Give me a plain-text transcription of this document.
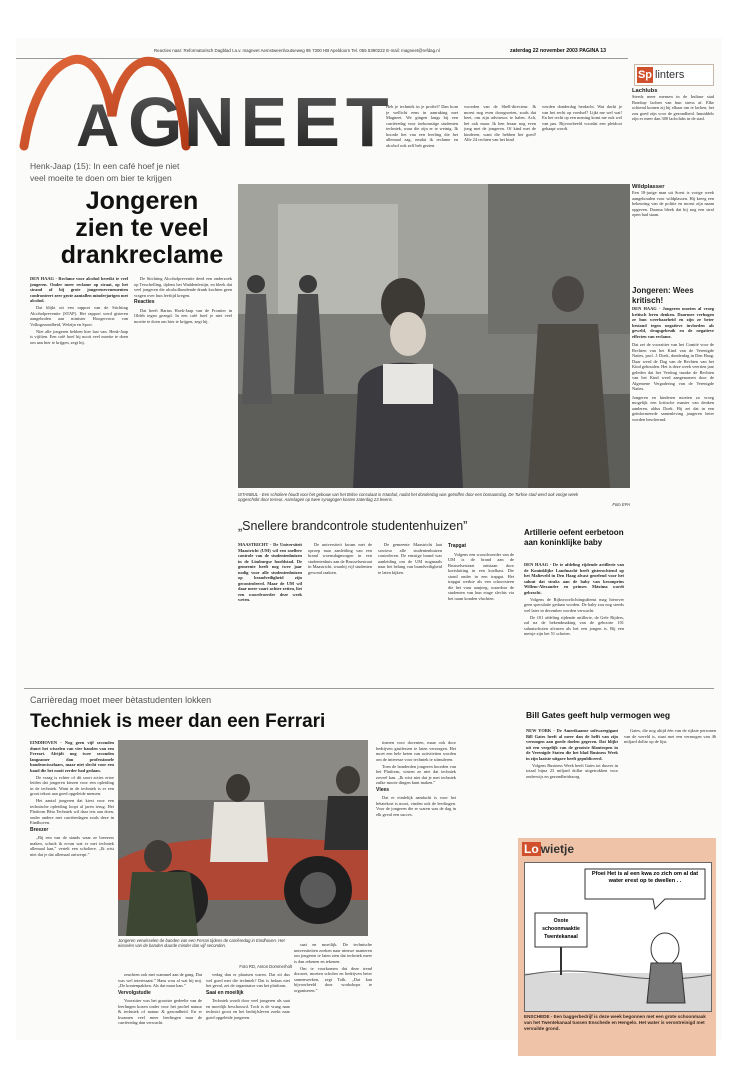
Reacties naar: Reformatorisch Dagblad t.a.v. magneet Aemstweenhoutseweg 95 7300 HB Apeldoorn Tel. 055 5390222 E-mail: magneet@refdag.nl	zaterdag 22 november 2003 PAGINA 13
A G
NEET
MAGNEET
Sp linters
Heb je techniek in je profiel? Dan kom je wellicht eens in aanraking met Magneet. We gingen langs bij een carrièredag voor toekomstige studenten techniek, waar die zijn er te weinig. Ik hoorde het van een leerling die het allemaal zag, omdat ik reclame en alcohol ook zelf heb gezien.
woorden van de Shell-directeur. Ik moest nog even doorgroeien, zoals dat heet, om zijn adviseurs te halen. Ach, het ook maar. Ik ben leraar nog even jong met de jongeren. Of kind met de kinderen, want die hebben het goed! Alle 24 rechten van het kind
werden donderdag herdacht. Wat dacht je van het recht op voedsel? Lijkt me wel wat! En het recht op een mening komt me ook wel van pas. Bijvoorbeeld voordat een pleidooi gekaapt wordt.
Henk-Jaap (15): In een café hoef je niet
veel moeite te doen om bier te krijgen
Jongeren
zien te veel
drankreclame

DEN HAAG - Reclame voor alcohol bereikt te veel jongeren. Onder meer reclame op straat, op het strand of bij grote jongerenevenementen confronteert zeer grote aantallen minderjarigen met alcohol.

Dat blijkt uit een rapport van de Stichting Alcoholpreventie (STAP). Het rapport werd gisteren aangeboden aan minister Hoogervorst van Volksgezondheid, Welzijn en Sport.

Niet alle jongeren hebben hier last van. Henk-Jaap is vijftien. Een café hoef hij nooit veel moeite te doen om aan bier te krijgen, zegt hij.

De Stichting Alcoholpreventie deed een onderzoek op Terschelling, tijdens het Waddenfestijn, en bleek dat veel jongeren die alcoholhoudende drank kochten geen vragen over hun leeftijd kregen.

Reacties

Dat heeft Bartus Hoek-Jaap van de Frontier in Oldeb tegen gezegd. In een café hoef je niet veel moeite te doen om bier te krijgen, zegt hij.

ISTANBUL - Een scholiere houdt voor het gebouw van het Britse consulaat in Istanbul, nadat het donderdag was getroffen door een bomaanslag. De Turkse stad werd ook vorige week opgeschrikt door terreur. Aanslagen op twee synagogen kosten zaterdag 23 levens.
Foto EPA
„Snellere brandcontrole studentenhuizen”

MAASTRICHT - De Universiteit Maastricht (UM) wil een snellere controle van de studentenhuizen in de Limburgse hoofdstad. De gemeente heeft nog twee jaar nodig voor alle studentenhuizen op brandveiligheid zijn gecontroleerd. Maar de UM wil daar meer vaart achter zetten, liet een woordvoerder deze week weten.

De universiteit kwam met de oproep naar aanleiding van een brand woensdagmorgen in een studentenhuis aan de Brusselsestraat in Maastricht, waarbij vijf studenten gewond raakten.

De gemeente Maastricht laat sowieso alle studentenhuizen controleren. De ernstige brand was aanleiding om de UM nogmaals naar het belang van brandveiligheid te laten kijken.

Trapgat

Volgens een woordvoerder van de UM is de brand aan de Brusselsestraat ontstaan door kortsluiting in een koelkast. Die stond onder in een trapgat. Het trapgat werkte als een schoorsteen die het vuur aanjoeg, waardoor de studenten van hun etage slechts via het raam konden vluchten.

Artillerie oefent eerbetoon aan koninklijke baby

DEN HAAG - De te afdeling rijdende artillerie van de Koninklijke Landmacht heeft gisterochtend op het Malieveld in Den Haag alvast geoefend voor het saluut dat straks aan de baby van kroonprins Willem-Alexander en prinses Máxima wordt gebracht.

Volgens de Rijksvoorlichtingsdienst mag hierover geen speculatie gedaan worden. De baby zou nog steeds wel later in december worden verwacht.

De 101 afdeling rijdende artillerie, de Gele Rijders, zal na de bekendmaking van de geboorte 101 saluutschoten afvuren als het een jongen is. Bij een meisje zijn het 51 schoten.

Lachlubs
Steeds meer mensen in de Indiase stad Bombay lachen van hun stress af. Elke ochtend komen zij bij elkaar om te lachen, het zou goed zijn voor de gezondheid. Inmiddels zijn er meer dan 300 lachclubs in de stad.
Wildplasser
Een 18-jarige man uit Soest is vorige week aangehouden voor wildplassen. Hij kreeg een bekeuring van de politie en moest zijn naam opgeven. Daarna bleek dat hij nog een straf open had staan.
Jongeren: Wees kritisch!
DEN HAAG - Jongeren moeten al vroeg kritisch leren denken. Daarmee verhogen ze hun weerbaarheid en zijn ze beter bestand tegen negatieve invloeden als geweld, drugsgebruik en de negatieve effecten van reclame.
Dat zei de voorzitter van het Comité voor de Rechten van het Kind van de Verenigde Naties, prof. J. Doek, donderdag in Den Haag. Daar werd de Dag van de Rechten van het Kind gehouden. Het is deze week veertien jaar geleden dat het Verdrag inzake de Rechten van het Kind werd aangenomen door de Algemene Vergadering van de Verenigde Naties.
Jongeren en kinderen moeten zo vroeg mogelijk een kritische manier van denken aanleren, aldus Doek. Hij zei dat in een geïnformeerde samenleving jongeren beter worden beschermd.
Carrièredag moet meer bètastudenten lokken
Techniek is meer dan een Ferrari

EINDHOVEN - Nog geen vijf seconden duurt het wisselen van vier banden van een Ferrari. Afrijdt nog twee seconden langzamer dan professionele bandenwisselaars, maar niet slecht voor een band die het nooit eerder had gedaan.

De vraag is echter of dit soort acties ertoe leiden dat jongeren kiezen voor een opleiding in de techniek. Want in de techniek is er een groot tekort aan goed opgeleide mensen.

Het aantal jongeren dat kiest voor een technische opleiding loopt al jaren terug. Het Platform Bèta Techniek wil daar iets aan doen, onder andere met carrièredagen zoals deze in Eindhoven.

Breezer

„Bij een van de stands waar ze breezers maken, schrok ik ervan wat er met techniek allemaal kan,” vertelt een scholiere. „Ik wist niet dat je dat allemaal ontwerpt.”

Jongeren verwisselen de banden van een Ferrari tijdens de carrièredag in Eindhoven. Het wisselen van de banden duurde minder dan vijf seconden.
Foto RD, Anton Dommerholt

zeuchten ook met wammel aan de gang. Dat was wel interessant.” Hans wou al wat bij mij. „De kontenpakken. Als dat maar kan.”

Vervolgstudie

Voorzitter was het grootste gedeelte van de leerlingen kozen onder voor het profiel natuur & techniek of natuur & gezondheid. En er kwamen veel meer leerlingen naar de carrièredag dan verwacht.

vedag dan er plaatsen waren. Dat zit dus wel goed met die techniek? Dat is helaas niet het geval, zei de organisator van het platform.

Saai en moeilijk

Techniek wordt door veel jongeren als saai en moeilijk beschouwd. Toch is de vraag naar technici groot en het bedrijfsleven zoekt naar goed opgeleide jongeren.

saai en moeilijk. De technische universiteiten zoeken naar nieuwe manieren om jongeren te laten zien dat techniek meer is dan rekenen en tekenen.

Om te voorkomen dat deze trend doorzet, moeten scholen en bedrijven beter samenwerken, zegt Tolk. „Dat kan bijvoorbeeld door workshops te organiseren.”

tineren voor docenten, maar ook door bedrijven gastlessen te laten verzorgen. Het moet een hele keten van activiteiten worden om de interesse voor techniek te stimuleren.

Toen de honderden jongeren hoorden van het Platform, wisten ze niet dat techniek zoveel kan. „Ik wist niet dat je met techniek zulke mooie dingen kunt maken.”

Vlees

Dat er eindelijk aandacht is voor het bètatekort is mooi, vinden ook de leerlingen. Voor de jongeren die er waren was de dag in elk geval een succes.

Bill Gates geeft hulp vermogen weg

NEW YORK - De Amerikaanse softwaregigant Bill Gates heeft al meer dan de helft van zijn vermogen aan goede doelen gegeven. Dat blijkt uit een vergelijk van de grootste filantropen in de Verenigde Staten die het blad Business Week in zijn laatste uitgave heeft gepubliceerd.

Volgens Business Week heeft Gates tot dusver in totaal bijna 23 miljard dollar uitgetrokken voor onderwijs en gezondheidszorg.

Gates, die nog altijd één van de rijkste personen van de wereld is, staat met een vermogen van 46 miljard dollar op de lijst.

Lo wietje
Pfoei Het is al een kwa zo zich om al dat water erest op te dwellen . .
Oxote
schoonmaaktie
Twentekanaal
ENSCHEDE - Een baggerbedrijf is deze week begonnen met een grote schoonmaak van het Twentekanaal tussen Enschede en Hengelo. Het water is verontreinigd met vervuilde grond.
